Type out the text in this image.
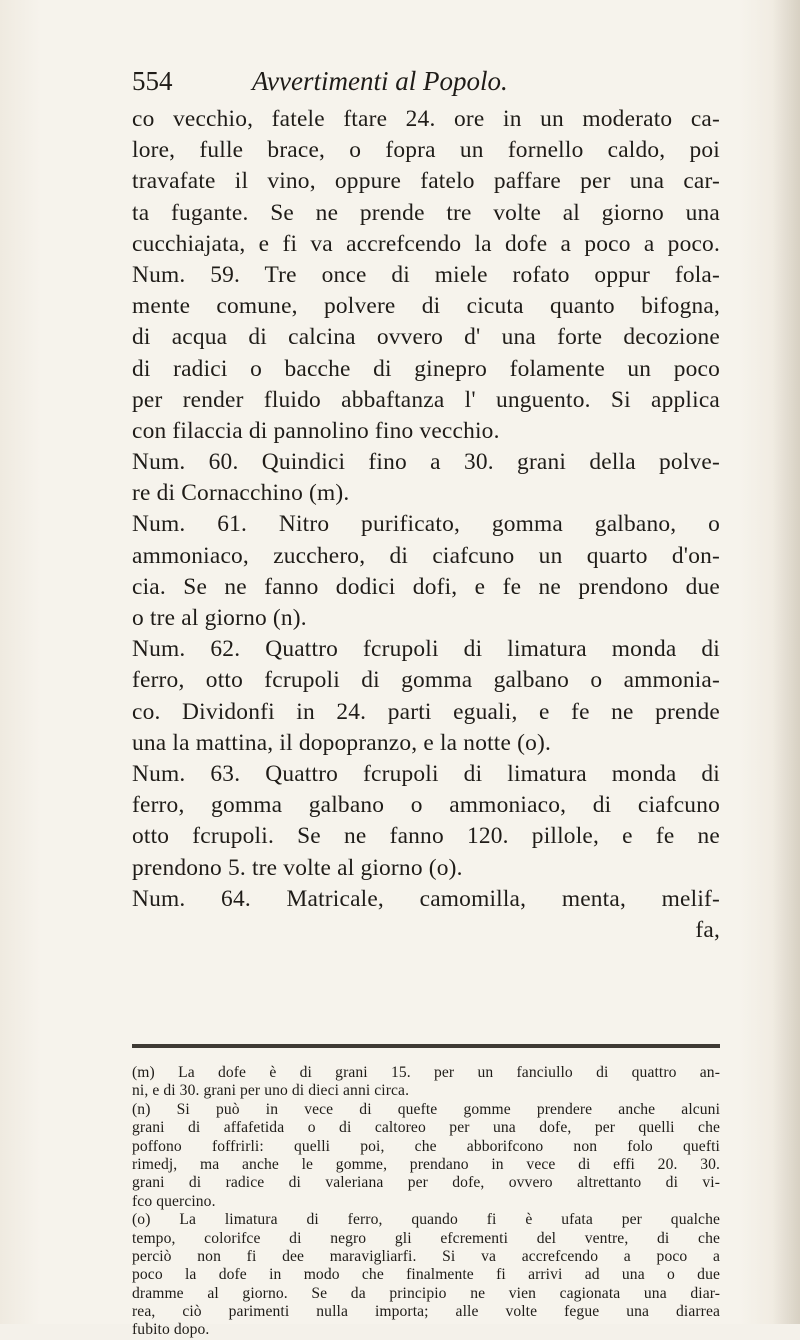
554	Avvertimenti al Popolo.
co vecchio, fatele ftare 24. ore in un moderato ca-
lore, fulle brace, o fopra un fornello caldo, poi
travafate il vino, oppure fatelo paffare per una car-
ta fugante. Se ne prende tre volte al giorno una
cucchiajata, e fi va accrefcendo la dofe a poco a poco.
Num. 59. Tre once di miele rofato oppur fola-
mente comune, polvere di cicuta quanto bifogna,
di acqua di calcina ovvero d' una forte decozione
di radici o bacche di ginepro folamente un poco
per render fluido abbaftanza l' unguento. Si applica
con filaccia di pannolino fino vecchio.
Num. 60. Quindici fino a 30. grani della polve-
re di Cornacchino (m).
Num. 61. Nitro purificato, gomma galbano, o
ammoniaco, zucchero, di ciafcuno un quarto d'on-
cia. Se ne fanno dodici dofi, e fe ne prendono due
o tre al giorno (n).
Num. 62. Quattro fcrupoli di limatura monda di
ferro, otto fcrupoli di gomma galbano o ammonia-
co. Dividonfi in 24. parti eguali, e fe ne prende
una la mattina, il dopopranzo, e la notte (o).
Num. 63. Quattro fcrupoli di limatura monda di
ferro, gomma galbano o ammoniaco, di ciafcuno
otto fcrupoli. Se ne fanno 120. pillole, e fe ne
prendono 5. tre volte al giorno (o).
Num. 64. Matricale, camomilla, menta, melif-
fa,
(m) La dofe è di grani 15. per un fanciullo di quattro an-
ni, e di 30. grani per uno di dieci anni circa.
(n) Si può in vece di quefte gomme prendere anche alcuni
grani di affafetida o di caltoreo per una dofe, per quelli che
poffono foffrirli: quelli poi, che abborifcono non folo quefti
rimedj, ma anche le gomme, prendano in vece di effi 20. 30.
grani di radice di valeriana per dofe, ovvero altrettanto di vi-
fco quercino.
(o) La limatura di ferro, quando fi è ufata per qualche
tempo, colorifce di negro gli efcrementi del ventre, di che
perciò non fi dee maravigliarfi. Si va accrefcendo a poco a
poco la dofe in modo che finalmente fi arrivi ad una o due
dramme al giorno. Se da principio ne vien cagionata una diar-
rea, ciò parimenti nulla importa; alle volte fegue una diarrea
fubito dopo.
